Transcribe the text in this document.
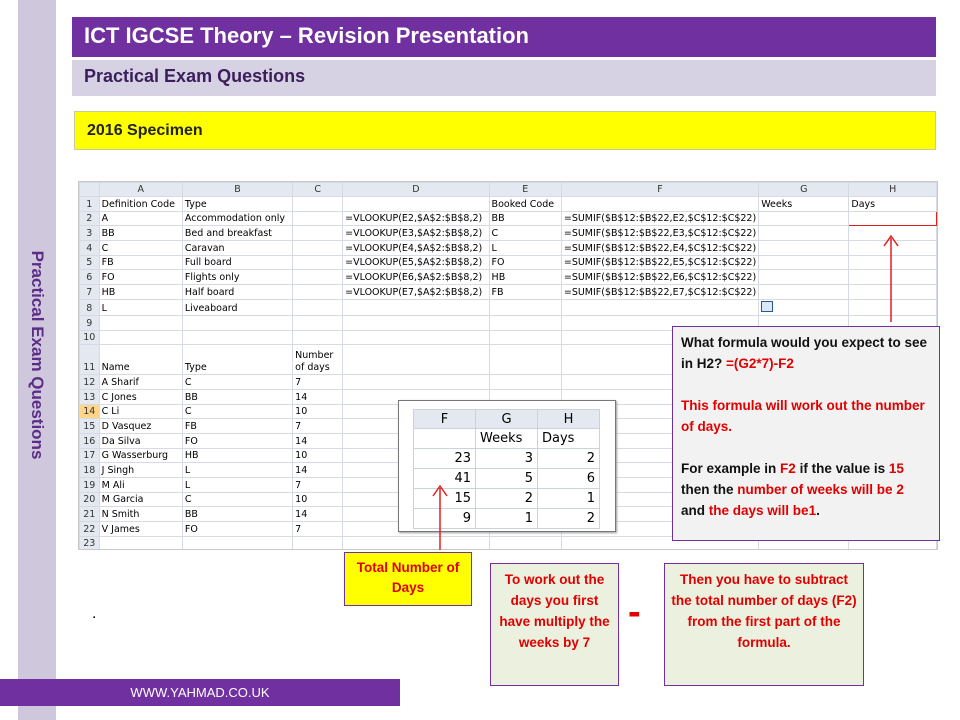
Practical Exam Questions
ICT IGCSE Theory – Revision Presentation
Practical Exam Questions
2016 Specimen
	A	B	C	D	E	F	G	H
1	Definition Code	Type			Booked Code		Weeks	Days
2	A	Accommodation only		=VLOOKUP(E2,$A$2:$B$8,2)	BB	=SUMIF($B$12:$B$22,E2,$C$12:$C$22)		
3	BB	Bed and breakfast		=VLOOKUP(E3,$A$2:$B$8,2)	C	=SUMIF($B$12:$B$22,E3,$C$12:$C$22)		
4	C	Caravan		=VLOOKUP(E4,$A$2:$B$8,2)	L	=SUMIF($B$12:$B$22,E4,$C$12:$C$22)		
5	FB	Full board		=VLOOKUP(E5,$A$2:$B$8,2)	FO	=SUMIF($B$12:$B$22,E5,$C$12:$C$22)		
6	FO	Flights only		=VLOOKUP(E6,$A$2:$B$8,2)	HB	=SUMIF($B$12:$B$22,E6,$C$12:$C$22)		
7	HB	Half board		=VLOOKUP(E7,$A$2:$B$8,2)	FB	=SUMIF($B$12:$B$22,E7,$C$12:$C$22)		
8	L	Liveaboard						
9								
10								
11	Name	Type	Number of days					
12	A Sharif	C	7					
13	C Jones	BB	14					
14	C Li	C	10					
15	D Vasquez	FB	7					
16	Da Silva	FO	14					
17	G Wasserburg	HB	10					
18	J Singh	L	14					
19	M Ali	L	7					
20	M Garcia	C	10					
21	N Smith	BB	14					
22	V James	FO	7					
23								
F	G	H
	Weeks	Days
23	3	2
41	5	6
15	2	1
9	1	2

What formula would you expect to see in H2? =(G2*7)-F2

This formula will work out the number of days.

For example in F2 if the value is 15 then the number of weeks will be 2 and the days will be1.

Total Number of Days
To work out the days you first have multiply the weeks by 7
-
Then you have to subtract the total number of days (F2) from the first part of the formula.
.
WWW.YAHMAD.CO.UK
